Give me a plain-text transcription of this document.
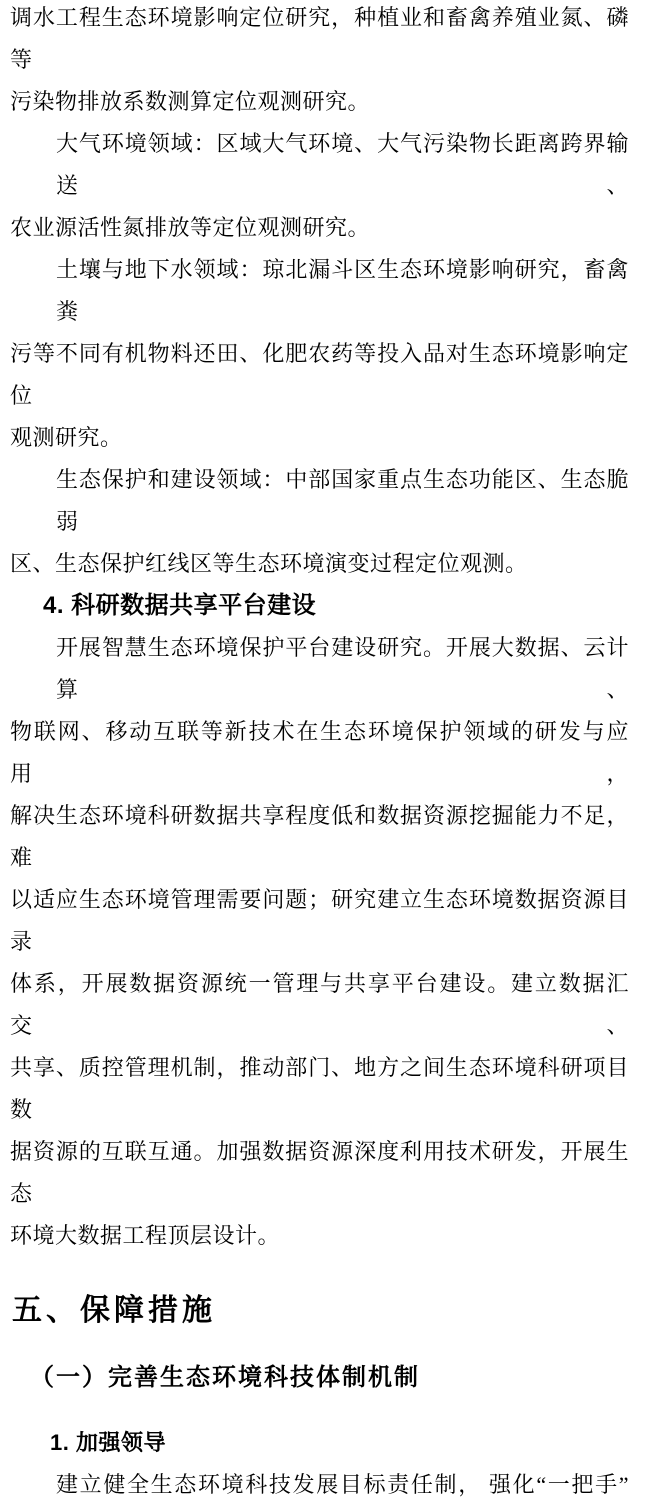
调水工程生态环境影响定位研究，种植业和畜禽养殖业氮、磷等
污染物排放系数测算定位观测研究。
大气环境领域：区域大气环境、大气污染物长距离跨界输送、
农业源活性氮排放等定位观测研究。
土壤与地下水领域：琼北漏斗区生态环境影响研究，畜禽粪
污等不同有机物料还田、化肥农药等投入品对生态环境影响定位
观测研究。
生态保护和建设领域：中部国家重点生态功能区、生态脆弱
区、生态保护红线区等生态环境演变过程定位观测。
4. 科研数据共享平台建设
开展智慧生态环境保护平台建设研究。开展大数据、云计算、
物联网、移动互联等新技术在生态环境保护领域的研发与应用，
解决生态环境科研数据共享程度低和数据资源挖掘能力不足，难
以适应生态环境管理需要问题；研究建立生态环境数据资源目录
体系，开展数据资源统一管理与共享平台建设。建立数据汇交、
共享、质控管理机制，推动部门、地方之间生态环境科研项目数
据资源的互联互通。加强数据资源深度利用技术研发，开展生态
环境大数据工程顶层设计。
五、保障措施
（一）完善生态环境科技体制机制
1. 加强领导
建立健全生态环境科技发展目标责任制， 强化“一把手”
